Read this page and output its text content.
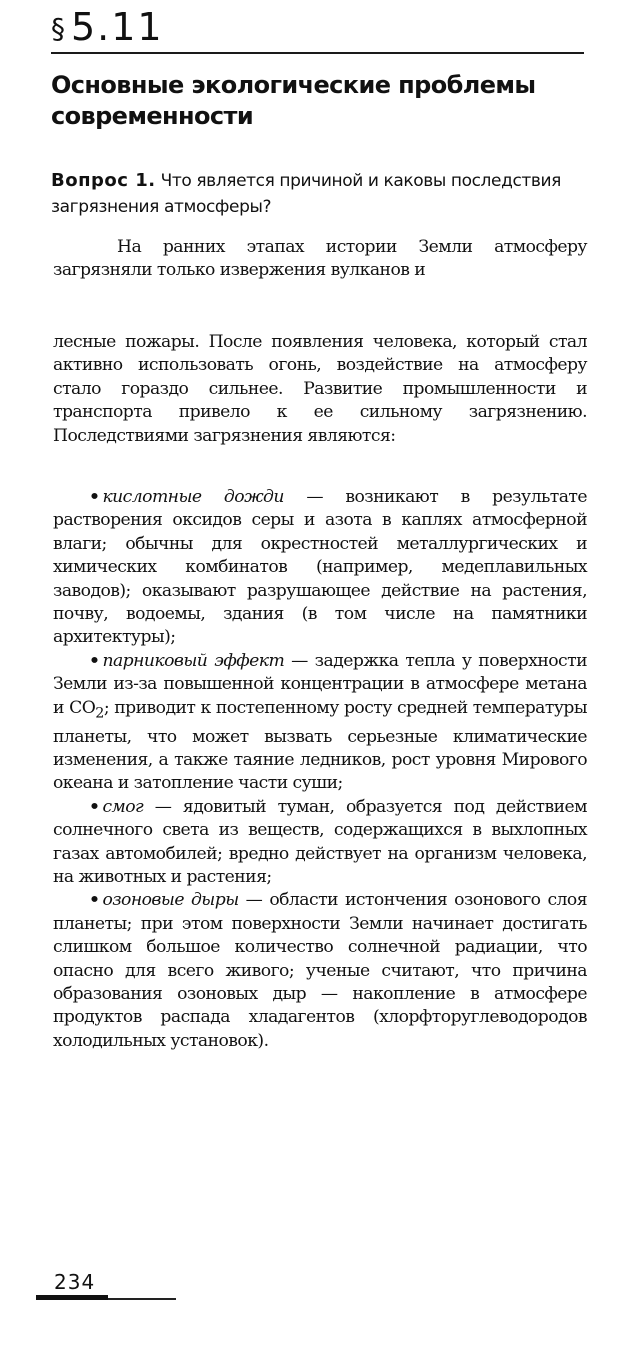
§ 5.11
Основные экологические проблемы современности

Вопрос 1. Что является причиной и каковы последствия загрязнения атмосферы?

На ранних этапах истории Земли атмосферу загрязняли только извержения вулканов и

лесные пожары. После появления человека, который стал активно использовать огонь, воздействие на атмосферу стало гораздо сильнее. Развитие промышленности и транспорта привело к ее сильному загрязнению. Последствиями загрязнения являются:

• кислотные дожди — возникают в результате растворения оксидов серы и азота в каплях атмосферной влаги; обычны для окрестностей металлургических и химических комбинатов (например, медеплавильных заводов); оказывают разрушающее действие на растения, почву, водоемы, здания (в том числе на памятники архитектуры);
• парниковый эффект — задержка тепла у поверхности Земли из-за повышенной концентрации в атмосфере метана и $CO_2$; приводит к постепенному росту средней температуры планеты, что может вызвать серьезные климатические изменения, а также таяние ледников, рост уровня Мирового океана и затопление части суши;
• смог — ядовитый туман, образуется под действием солнечного света из веществ, содержащихся в выхлопных газах автомобилей; вредно действует на организм человека, на животных и растения;
• озоновые дыры — области истончения озонового слоя планеты; при этом поверхности Земли начинает достигать слишком большое количество солнечной радиации, что опасно для всего живого; ученые считают, что причина образования озоновых дыр — накопление в атмосфере продуктов распада хладагентов (хлорфторуглеводородов холодильных установок).
234
